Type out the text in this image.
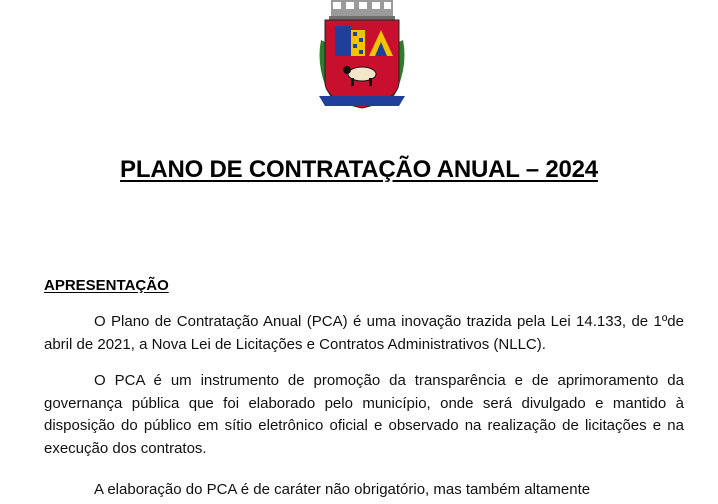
PLANO DE CONTRATAÇÃO ANUAL – 2024
APRESENTAÇÃO

O Plano de Contratação Anual (PCA) é uma inovação trazida pela Lei 14.133, de 1ºde abril de 2021, a Nova Lei de Licitações e Contratos Administrativos (NLLC).

O PCA é um instrumento de promoção da transparência e de aprimoramento da governança pública que foi elaborado pelo município, onde será divulgado e mantido à disposição do público em sítio eletrônico oficial e observado na realização de licitações e na execução dos contratos.

A elaboração do PCA é de caráter não obrigatório, mas também altamente
